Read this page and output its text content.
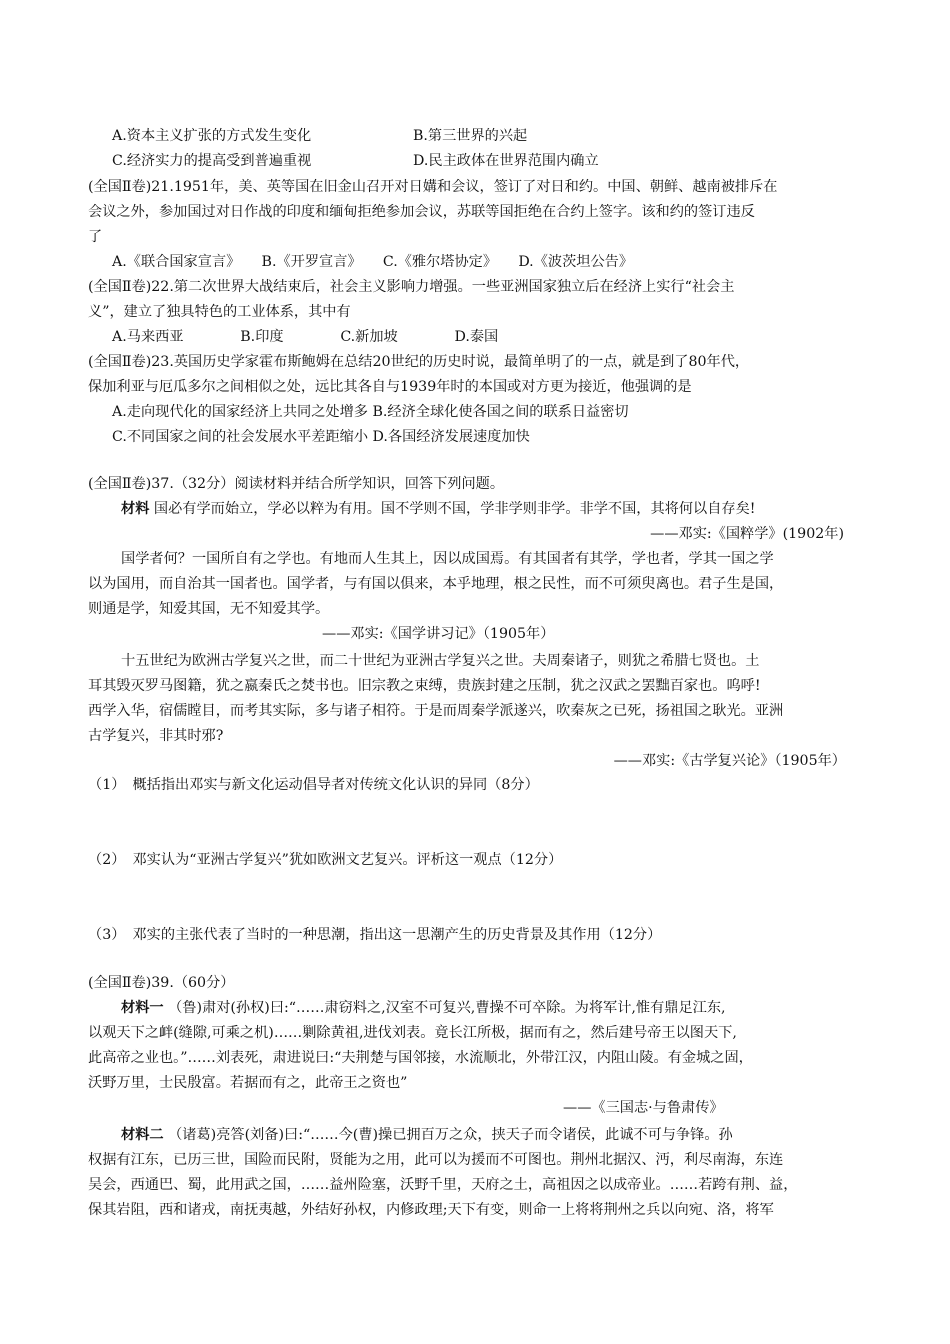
A.资本主义扩张的方式发生变化	B.第三世界的兴起
C.经济实力的提高受到普遍重视	D.民主政体在世界范围内确立
(全国Ⅱ卷)21.1951年，美、英等国在旧金山召开对日媾和会议，签订了对日和约。中国、朝鲜、越南被排斥在
会议之外，参加国过对日作战的印度和缅甸拒绝参加会议，苏联等国拒绝在合约上签字。该和约的签订违反
了
A.《联合国家宣言》　　B.《开罗宣言》　　C.《雅尔塔协定》　　D.《波茨坦公告》
(全国Ⅱ卷)22.第二次世界大战结束后，社会主义影响力增强。一些亚洲国家独立后在经济上实行“社会主
义”，建立了独具特色的工业体系，其中有
A.马来西亚　　　　B.印度　　　　C.新加坡　　　　D.泰国
(全国Ⅱ卷)23.英国历史学家霍布斯鲍姆在总结20世纪的历史时说，最简单明了的一点，就是到了80年代，
保加利亚与厄瓜多尔之间相似之处，远比其各自与1939年时的本国或对方更为接近，他强调的是
A.走向现代化的国家经济上共同之处增多 B.经济全球化使各国之间的联系日益密切
C.不同国家之间的社会发展水平差距缩小 D.各国经济发展速度加快
(全国Ⅱ卷)37.（32分）阅读材料并结合所学知识，回答下列问题。
材料 国必有学而始立，学必以粹为有用。国不学则不国，学非学则非学。非学不国，其将何以自存矣!
——邓实:《国粹学》(1902年)
国学者何？一国所自有之学也。有地而人生其上，因以成国焉。有其国者有其学，学也者，学其一国之学
以为国用，而自治其一国者也。国学者，与有国以俱来，本乎地理，根之民性，而不可须臾离也。君子生是国，
则通是学，知爱其国，无不知爱其学。
——邓实:《国学讲习记》（1905年）
十五世纪为欧洲古学复兴之世，而二十世纪为亚洲古学复兴之世。夫周秦诸子，则犹之希腊七贤也。土
耳其毁灭罗马图籍，犹之嬴秦氏之焚书也。旧宗教之束缚，贵族封建之压制，犹之汉武之罢黜百家也。呜呼!
西学入华，宿儒瞠目，而考其实际，多与诸子相符。于是而周秦学派遂兴，吹秦灰之已死，扬祖国之耿光。亚洲
古学复兴，非其时邪?
——邓实:《古学复兴论》（1905年）
（1）　概括指出邓实与新文化运动倡导者对传统文化认识的异同（8分）
（2）　邓实认为“亚洲古学复兴”犹如欧洲文艺复兴。评析这一观点（12分）
（3）　邓实的主张代表了当时的一种思潮，指出这一思潮产生的历史背景及其作用（12分）
(全国Ⅱ卷)39.（60分）
材料一 （鲁)肃对(孙权)曰:“……肃窃料之,汉室不可复兴,曹操不可卒除。为将军计,惟有鼎足江东,
以观天下之衅(缝隙,可乘之机)……剿除黄祖,进伐刘表。竟长江所极，据而有之，然后建号帝王以图天下,
此高帝之业也。”……刘表死，肃进说曰:“夫荆楚与国邻接，水流顺北，外带江汉，内阻山陵。有金城之固，
沃野万里，士民殷富。若据而有之，此帝王之资也”
——《三国志·与鲁肃传》
材料二 （诸葛)亮答(刘备)曰:“……今(曹)操已拥百万之众，挟天子而令诸侯，此诚不可与争锋。孙
权据有江东，已历三世，国险而民附，贤能为之用，此可以为援而不可图也。荆州北据汉、沔，利尽南海，东连
吴会，西通巴、蜀，此用武之国，……益州险塞，沃野千里，天府之土，高祖因之以成帝业。……若跨有荆、益，
保其岩阻，西和诸戎，南抚夷越，外结好孙权，内修政理;天下有变，则命一上将将荆州之兵以向宛、洛，将军
